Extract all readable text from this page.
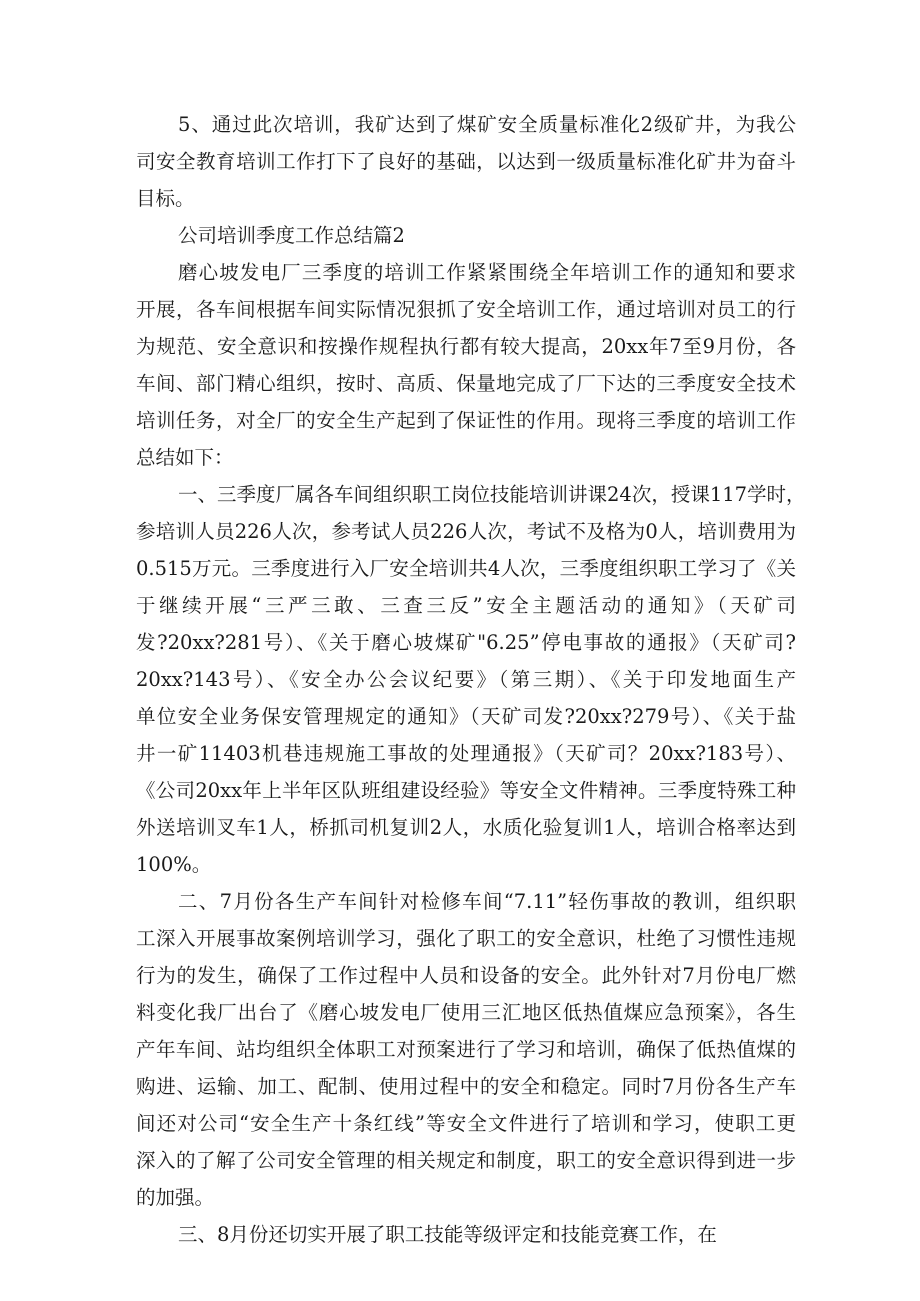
5、通过此次培训，我矿达到了煤矿安全质量标准化2级矿井，为我公
司安全教育培训工作打下了良好的基础，以达到一级质量标准化矿井为奋斗
目标。
公司培训季度工作总结篇2
磨心坡发电厂三季度的培训工作紧紧围绕全年培训工作的通知和要求
开展，各车间根据车间实际情况狠抓了安全培训工作，通过培训对员工的行
为规范、安全意识和按操作规程执行都有较大提高，20xx年7至9月份，各
车间、部门精心组织，按时、高质、保量地完成了厂下达的三季度安全技术
培训任务，对全厂的安全生产起到了保证性的作用。现将三季度的培训工作
总结如下：
一、三季度厂属各车间组织职工岗位技能培训讲课24次，授课117学时，
参培训人员226人次，参考试人员226人次，考试不及格为0人，培训费用为
0.515万元。三季度进行入厂安全培训共4人次，三季度组织职工学习了《关
于继续开展“三严三敢、三查三反”安全主题活动的通知》（天矿司
发?20xx?281号）、《关于磨心坡煤矿"6.25”停电事故的通报》（天矿司?
20xx?143号）、《安全办公会议纪要》（第三期）、《关于印发地面生产
单位安全业务保安管理规定的通知》（天矿司发?20xx?279号）、《关于盐
井一矿11403机巷违规施工事故的处理通报》（天矿司？20xx?183号）、
《公司20xx年上半年区队班组建设经验》等安全文件精神。三季度特殊工种
外送培训叉车1人，桥抓司机复训2人，水质化验复训1人，培训合格率达到
100%。
二、7月份各生产车间针对检修车间“7.11”轻伤事故的教训，组织职
工深入开展事故案例培训学习，强化了职工的安全意识，杜绝了习惯性违规
行为的发生，确保了工作过程中人员和设备的安全。此外针对7月份电厂燃
料变化我厂出台了《磨心坡发电厂使用三汇地区低热值煤应急预案》，各生
产年车间、站均组织全体职工对预案进行了学习和培训，确保了低热值煤的
购进、运输、加工、配制、使用过程中的安全和稳定。同时7月份各生产车
间还对公司“安全生产十条红线”等安全文件进行了培训和学习，使职工更
深入的了解了公司安全管理的相关规定和制度，职工的安全意识得到进一步
的加强。
三、8月份还切实开展了职工技能等级评定和技能竞赛工作，在
